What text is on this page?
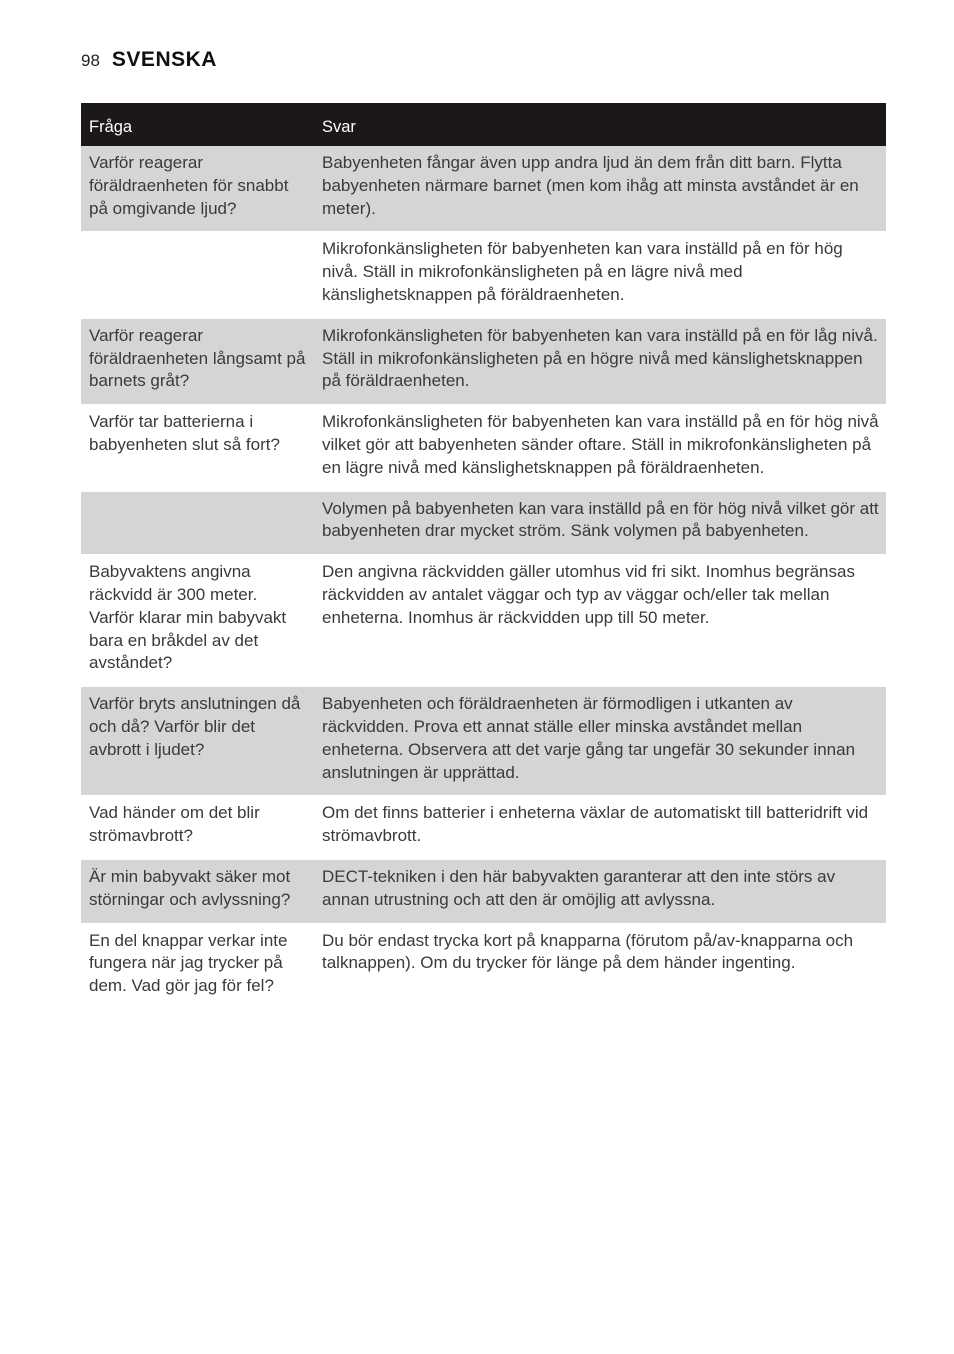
98 SVENSKA
Fråga	Svar
Varför reagerar föräldraenheten för snabbt på omgivande ljud?	Babyenheten fångar även upp andra ljud än dem från ditt barn. Flytta babyenheten närmare barnet (men kom ihåg att minsta avståndet är en meter).
	Mikrofonkänsligheten för babyenheten kan vara inställd på en för hög nivå. Ställ in mikrofonkänsligheten på en lägre nivå med känslighetsknappen på föräldraenheten.
Varför reagerar föräldraenheten långsamt på barnets gråt?	Mikrofonkänsligheten för babyenheten kan vara inställd på en för låg nivå. Ställ in mikrofonkänsligheten på en högre nivå med känslighetsknappen på föräldraenheten.
Varför tar batterierna i babyenheten slut så fort?	Mikrofonkänsligheten för babyenheten kan vara inställd på en för hög nivå vilket gör att babyenheten sänder oftare. Ställ in mikrofonkänsligheten på en lägre nivå med känslighetsknappen på föräldraenheten.
	Volymen på babyenheten kan vara inställd på en för hög nivå vilket gör att babyenheten drar mycket ström. Sänk volymen på babyenheten.
Babyvaktens angivna räckvidd är 300 meter. Varför klarar min babyvakt bara en bråkdel av det avståndet?	Den angivna räckvidden gäller utomhus vid fri sikt. Inomhus begränsas räckvidden av antalet väggar och typ av väggar och/eller tak mellan enheterna. Inomhus är räckvidden upp till 50 meter.
Varför bryts anslutningen då och då? Varför blir det avbrott i ljudet?	Babyenheten och föräldraenheten är förmodligen i utkanten av räckvidden. Prova ett annat ställe eller minska avståndet mellan enheterna. Observera att det varje gång tar ungefär 30 sekunder innan anslutningen är upprättad.
Vad händer om det blir strömavbrott?	Om det finns batterier i enheterna växlar de automatiskt till batteridrift vid strömavbrott.
Är min babyvakt säker mot störningar och avlyssning?	DECT-tekniken i den här babyvakten garanterar att den inte störs av annan utrustning och att den är omöjlig att avlyssna.
En del knappar verkar inte fungera när jag trycker på dem. Vad gör jag för fel?	Du bör endast trycka kort på knapparna (förutom på/av-knapparna och talknappen). Om du trycker för länge på dem händer ingenting.
